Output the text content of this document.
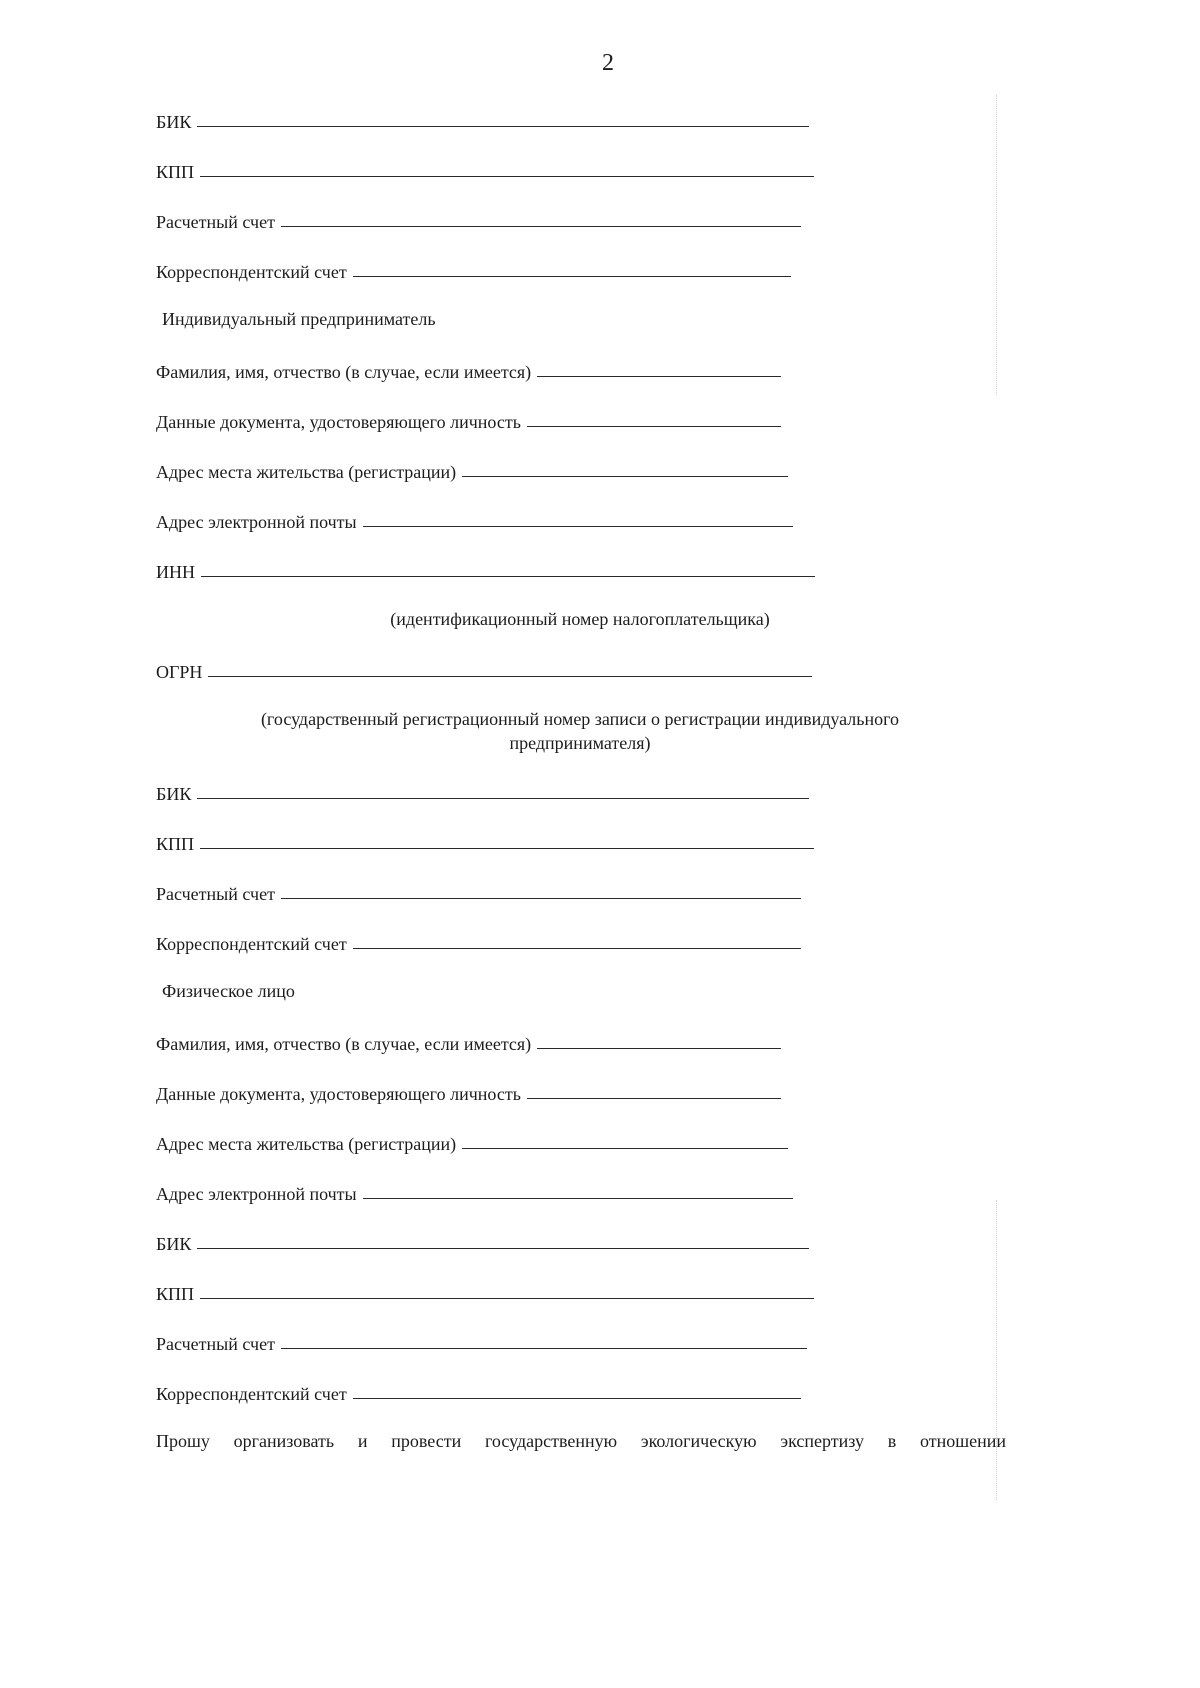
2
БИК
КПП
Расчетный счет
Корреспондентский счет
Индивидуальный предприниматель
Фамилия, имя, отчество (в случае, если имеется)
Данные документа, удостоверяющего личность
Адрес места жительства (регистрации)
Адрес электронной почты
ИНН
(идентификационный номер налогоплательщика)
ОГРН
(государственный регистрационный номер записи о регистрации индивидуального
предпринимателя)
БИК
КПП
Расчетный счет
Корреспондентский счет
Физическое лицо
Фамилия, имя, отчество (в случае, если имеется)
Данные документа, удостоверяющего личность
Адрес места жительства (регистрации)
Адрес электронной почты
БИК
КПП
Расчетный счет
Корреспондентский счет
Прошу организовать и провести государственную экологическую экспертизу в отношении
